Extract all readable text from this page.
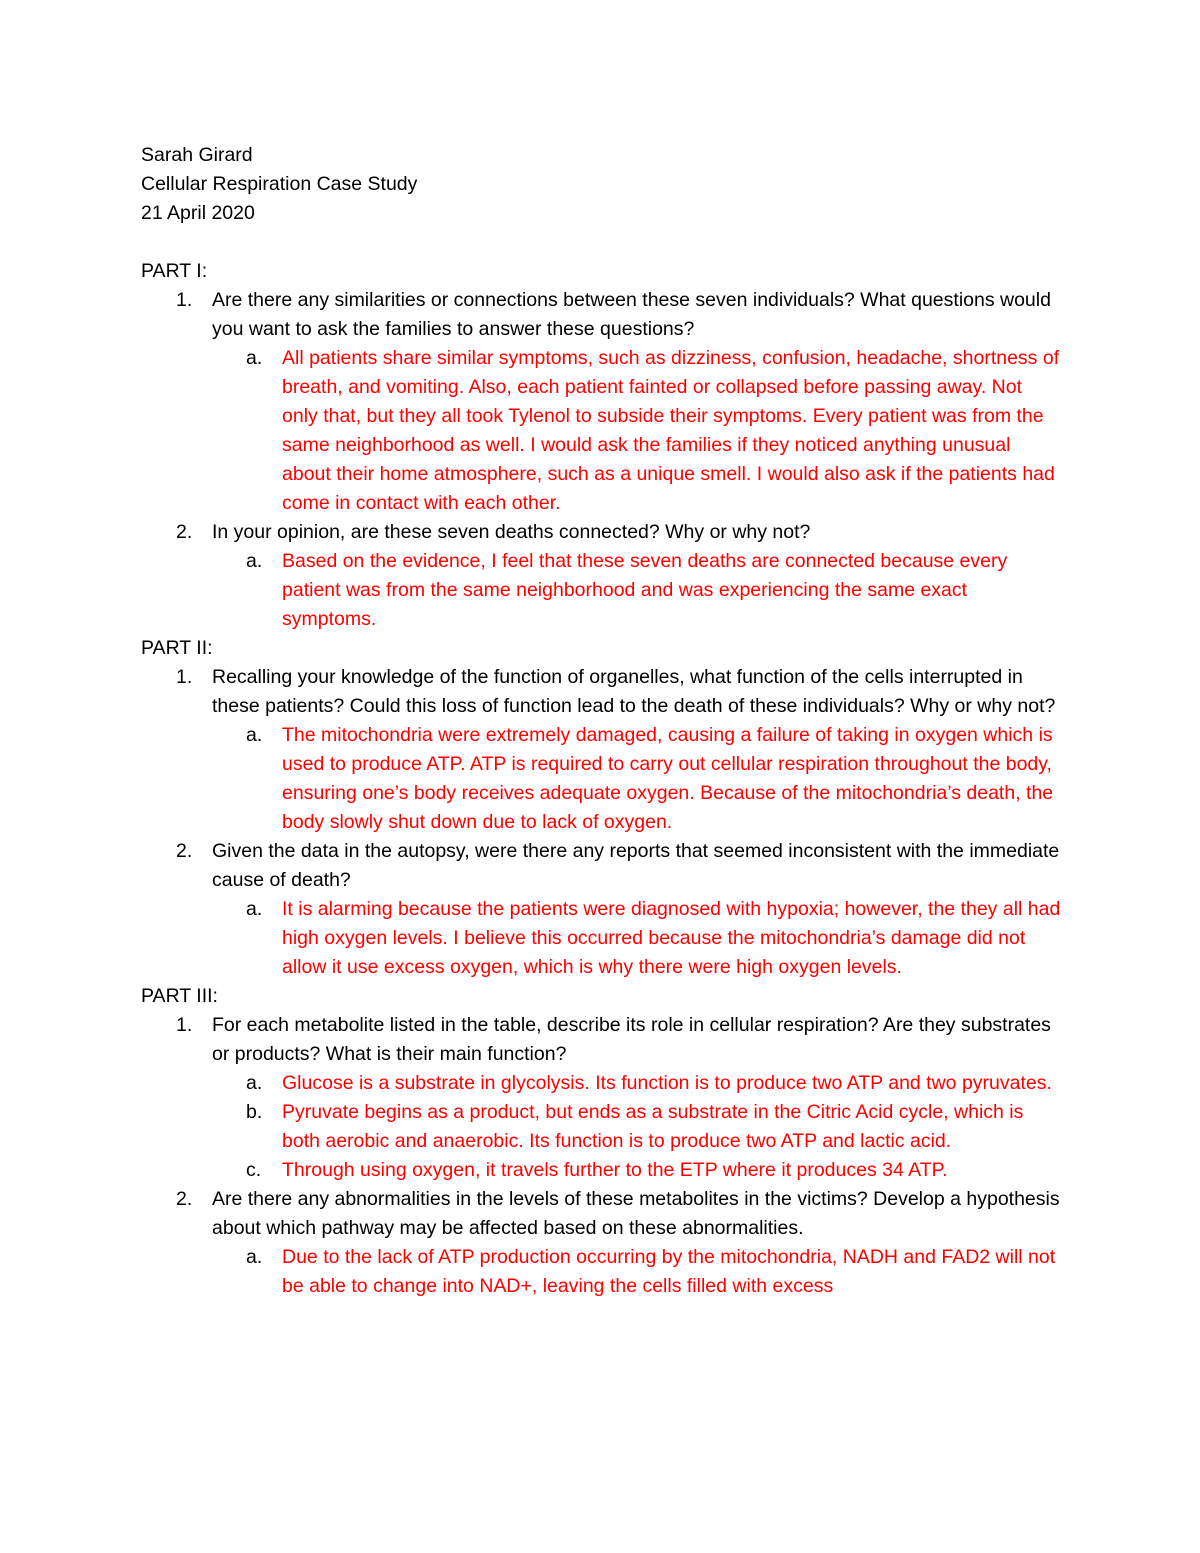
Sarah Girard

Cellular Respiration Case Study

21 April 2020

PART I:

1.	Are there any similarities or connections between these seven individuals? What questions would you want to ask the families to answer these questions?
a.	All patients share similar symptoms, such as dizziness, confusion, headache, shortness of breath, and vomiting. Also, each patient fainted or collapsed before passing away. Not only that, but they all took Tylenol to subside their symptoms. Every patient was from the same neighborhood as well. I would ask the families if they noticed anything unusual about their home atmosphere, such as a unique smell. I would also ask if the patients had come in contact with each other.
2.	In your opinion, are these seven deaths connected? Why or why not?
a.	Based on the evidence, I feel that these seven deaths are connected because every patient was from the same neighborhood and was experiencing the same exact symptoms.

PART II:

1.	Recalling your knowledge of the function of organelles, what function of the cells interrupted in these patients? Could this loss of function lead to the death of these individuals? Why or why not?
a.	The mitochondria were extremely damaged, causing a failure of taking in oxygen which is used to produce ATP. ATP is required to carry out cellular respiration throughout the body, ensuring one’s body receives adequate oxygen. Because of the mitochondria’s death, the body slowly shut down due to lack of oxygen.
2.	Given the data in the autopsy, were there any reports that seemed inconsistent with the immediate cause of death?
a.	It is alarming because the patients were diagnosed with hypoxia; however, the they all had high oxygen levels. I believe this occurred because the mitochondria’s damage did not allow it use excess oxygen, which is why there were high oxygen levels.

PART III:

1.	For each metabolite listed in the table, describe its role in cellular respiration? Are they substrates or products? What is their main function?
a.	Glucose is a substrate in glycolysis. Its function is to produce two ATP and two pyruvates.
b.	Pyruvate begins as a product, but ends as a substrate in the Citric Acid cycle, which is both aerobic and anaerobic. Its function is to produce two ATP and lactic acid.
c.	Through using oxygen, it travels further to the ETP where it produces 34 ATP.
2.	Are there any abnormalities in the levels of these metabolites in the victims? Develop a hypothesis about which pathway may be affected based on these abnormalities.
a.	Due to the lack of ATP production occurring by the mitochondria, NADH and FAD2 will not be able to change into NAD+, leaving the cells filled with excess
